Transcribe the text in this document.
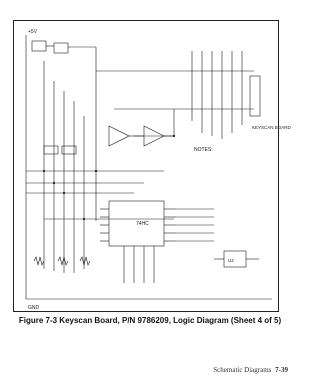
74HC
U2
NOTES:
KEYSCAN BOARD
+5V
GND
Figure 7-3 Keyscan Board, P/N 9786209, Logic Diagram (Sheet 4 of 5)
Schematic Diagrams 7-39
